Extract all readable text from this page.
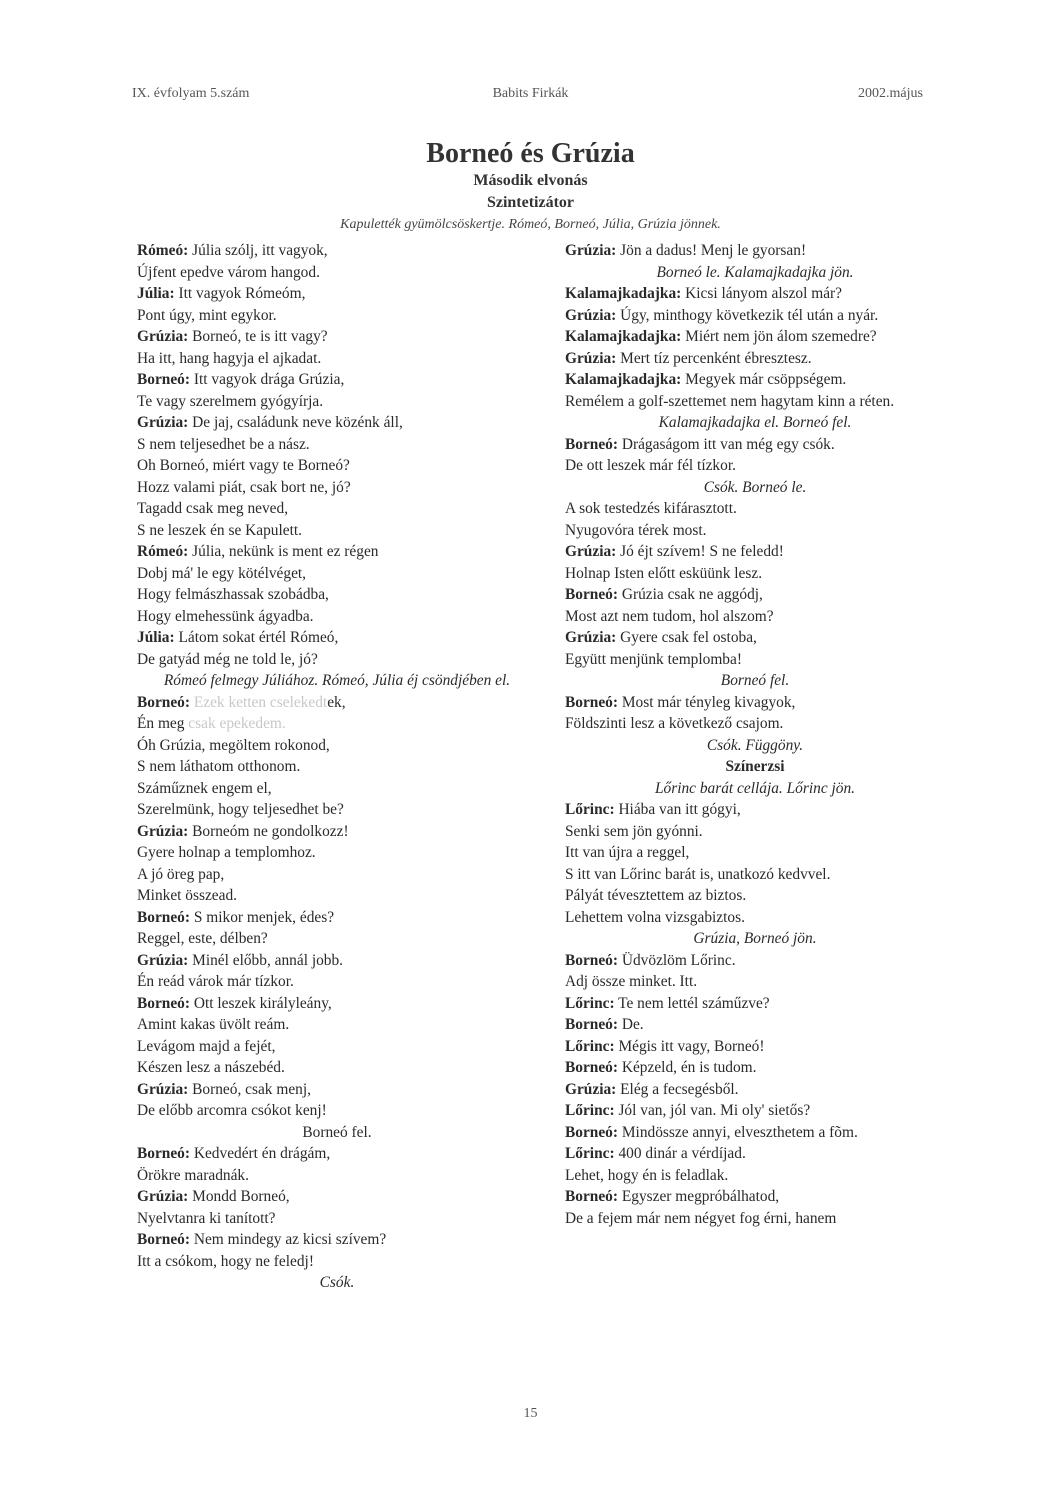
IX. évfolyam 5.szám	Babits Firkák	2002.május
Borneó és Grúzia
Második elvonás
Szintetizátor
Kapulették gyümölcsöskertje. Rómeó, Borneó, Júlia, Grúzia jönnek.
Rómeó: Júlia szólj, itt vagyok,
Újfent epedve várom hangod.
Júlia: Itt vagyok Rómeóm,
Pont úgy, mint egykor.
Grúzia: Borneó, te is itt vagy?
Ha itt, hang hagyja el ajkadat.
Borneó: Itt vagyok drága Grúzia,
Te vagy szerelmem gyógyírja.
Grúzia: De jaj, családunk neve közénk áll,
S nem teljesedhet be a nász.
Oh Borneó, miért vagy te Borneó?
Hozz valami piát, csak bort ne, jó?
Tagadd csak meg neved,
S ne leszek én se Kapulett.
Rómeó: Júlia, nekünk is ment ez régen
Dobj má' le egy kötélvéget,
Hogy felmászhassak szobádba,
Hogy elmehessünk ágyadba.
Júlia: Látom sokat értél Rómeó,
De gatyád még ne told le, jó?
Rómeó felmegy Júliához. Rómeó, Júlia éj csöndjében el.
Borneó: Ezek ketten cselekedtek,
Én meg csak epekedem.
Óh Grúzia, megöltem rokonod,
S nem láthatom otthonom.
Száműznek engem el,
Szerelmünk, hogy teljesedhet be?
Grúzia: Borneóm ne gondolkozz!
Gyere holnap a templomhoz.
A jó öreg pap,
Minket összead.
Borneó: S mikor menjek, édes?
Reggel, este, délben?
Grúzia: Minél előbb, annál jobb.
Én reád várok már tízkor.
Borneó: Ott leszek királyleány,
Amint kakas üvölt reám.
Levágom majd a fejét,
Készen lesz a nászebéd.
Grúzia: Borneó, csak menj,
De előbb arcomra csókot kenj!
Borneó fel.
Borneó: Kedvedért én drágám,
Örökre maradnák.
Grúzia: Mondd Borneó,
Nyelvtanra ki tanított?
Borneó: Nem mindegy az kicsi szívem?
Itt a csókom, hogy ne feledj!
Csók.
Grúzia: Jön a dadus! Menj le gyorsan!
Borneó le. Kalamajkadajka jön.
Kalamajkadajka: Kicsi lányom alszol már?
Grúzia: Úgy, minthogy következik tél után a nyár.
Kalamajkadajka: Miért nem jön álom szemedre?
Grúzia: Mert tíz percenként ébresztesz.
Kalamajkadajka: Megyek már csöppségem.
Remélem a golf-szettemet nem hagytam kinn a réten.
Kalamajkadajka el. Borneó fel.
Borneó: Drágaságom itt van még egy csók.
De ott leszek már fél tízkor.
Csók. Borneó le.
A sok testedzés kifárasztott.
Nyugovóra térek most.
Grúzia: Jó éjt szívem! S ne feledd!
Holnap Isten előtt esküünk lesz.
Borneó: Grúzia csak ne aggódj,
Most azt nem tudom, hol alszom?
Grúzia: Gyere csak fel ostoba,
Együtt menjünk templomba!
Borneó fel.
Borneó: Most már tényleg kivagyok,
Földszinti lesz a következő csajom.
Csók. Függöny.
Színerzsi
Lőrinc barát cellája. Lőrinc jön.
Lőrinc: Hiába van itt gógyi,
Senki sem jön gyónni.
Itt van újra a reggel,
S itt van Lőrinc barát is, unatkozó kedvvel.
Pályát tévesztettem az biztos.
Lehettem volna vizsgabiztos.
Grúzia, Borneó jön.
Borneó: Üdvözlöm Lőrinc.
Adj össze minket. Itt.
Lőrinc: Te nem lettél száműzve?
Borneó: De.
Lőrinc: Mégis itt vagy, Borneó!
Borneó: Képzeld, én is tudom.
Grúzia: Elég a fecsegésből.
Lőrinc: Jól van, jól van. Mi oly' sietős?
Borneó: Mindössze annyi, elveszthetem a fõm.
Lőrinc: 400 dinár a vérdíjad.
Lehet, hogy én is feladlak.
Borneó: Egyszer megpróbálhatod,
De a fejem már nem négyet fog érni, hanem
15
